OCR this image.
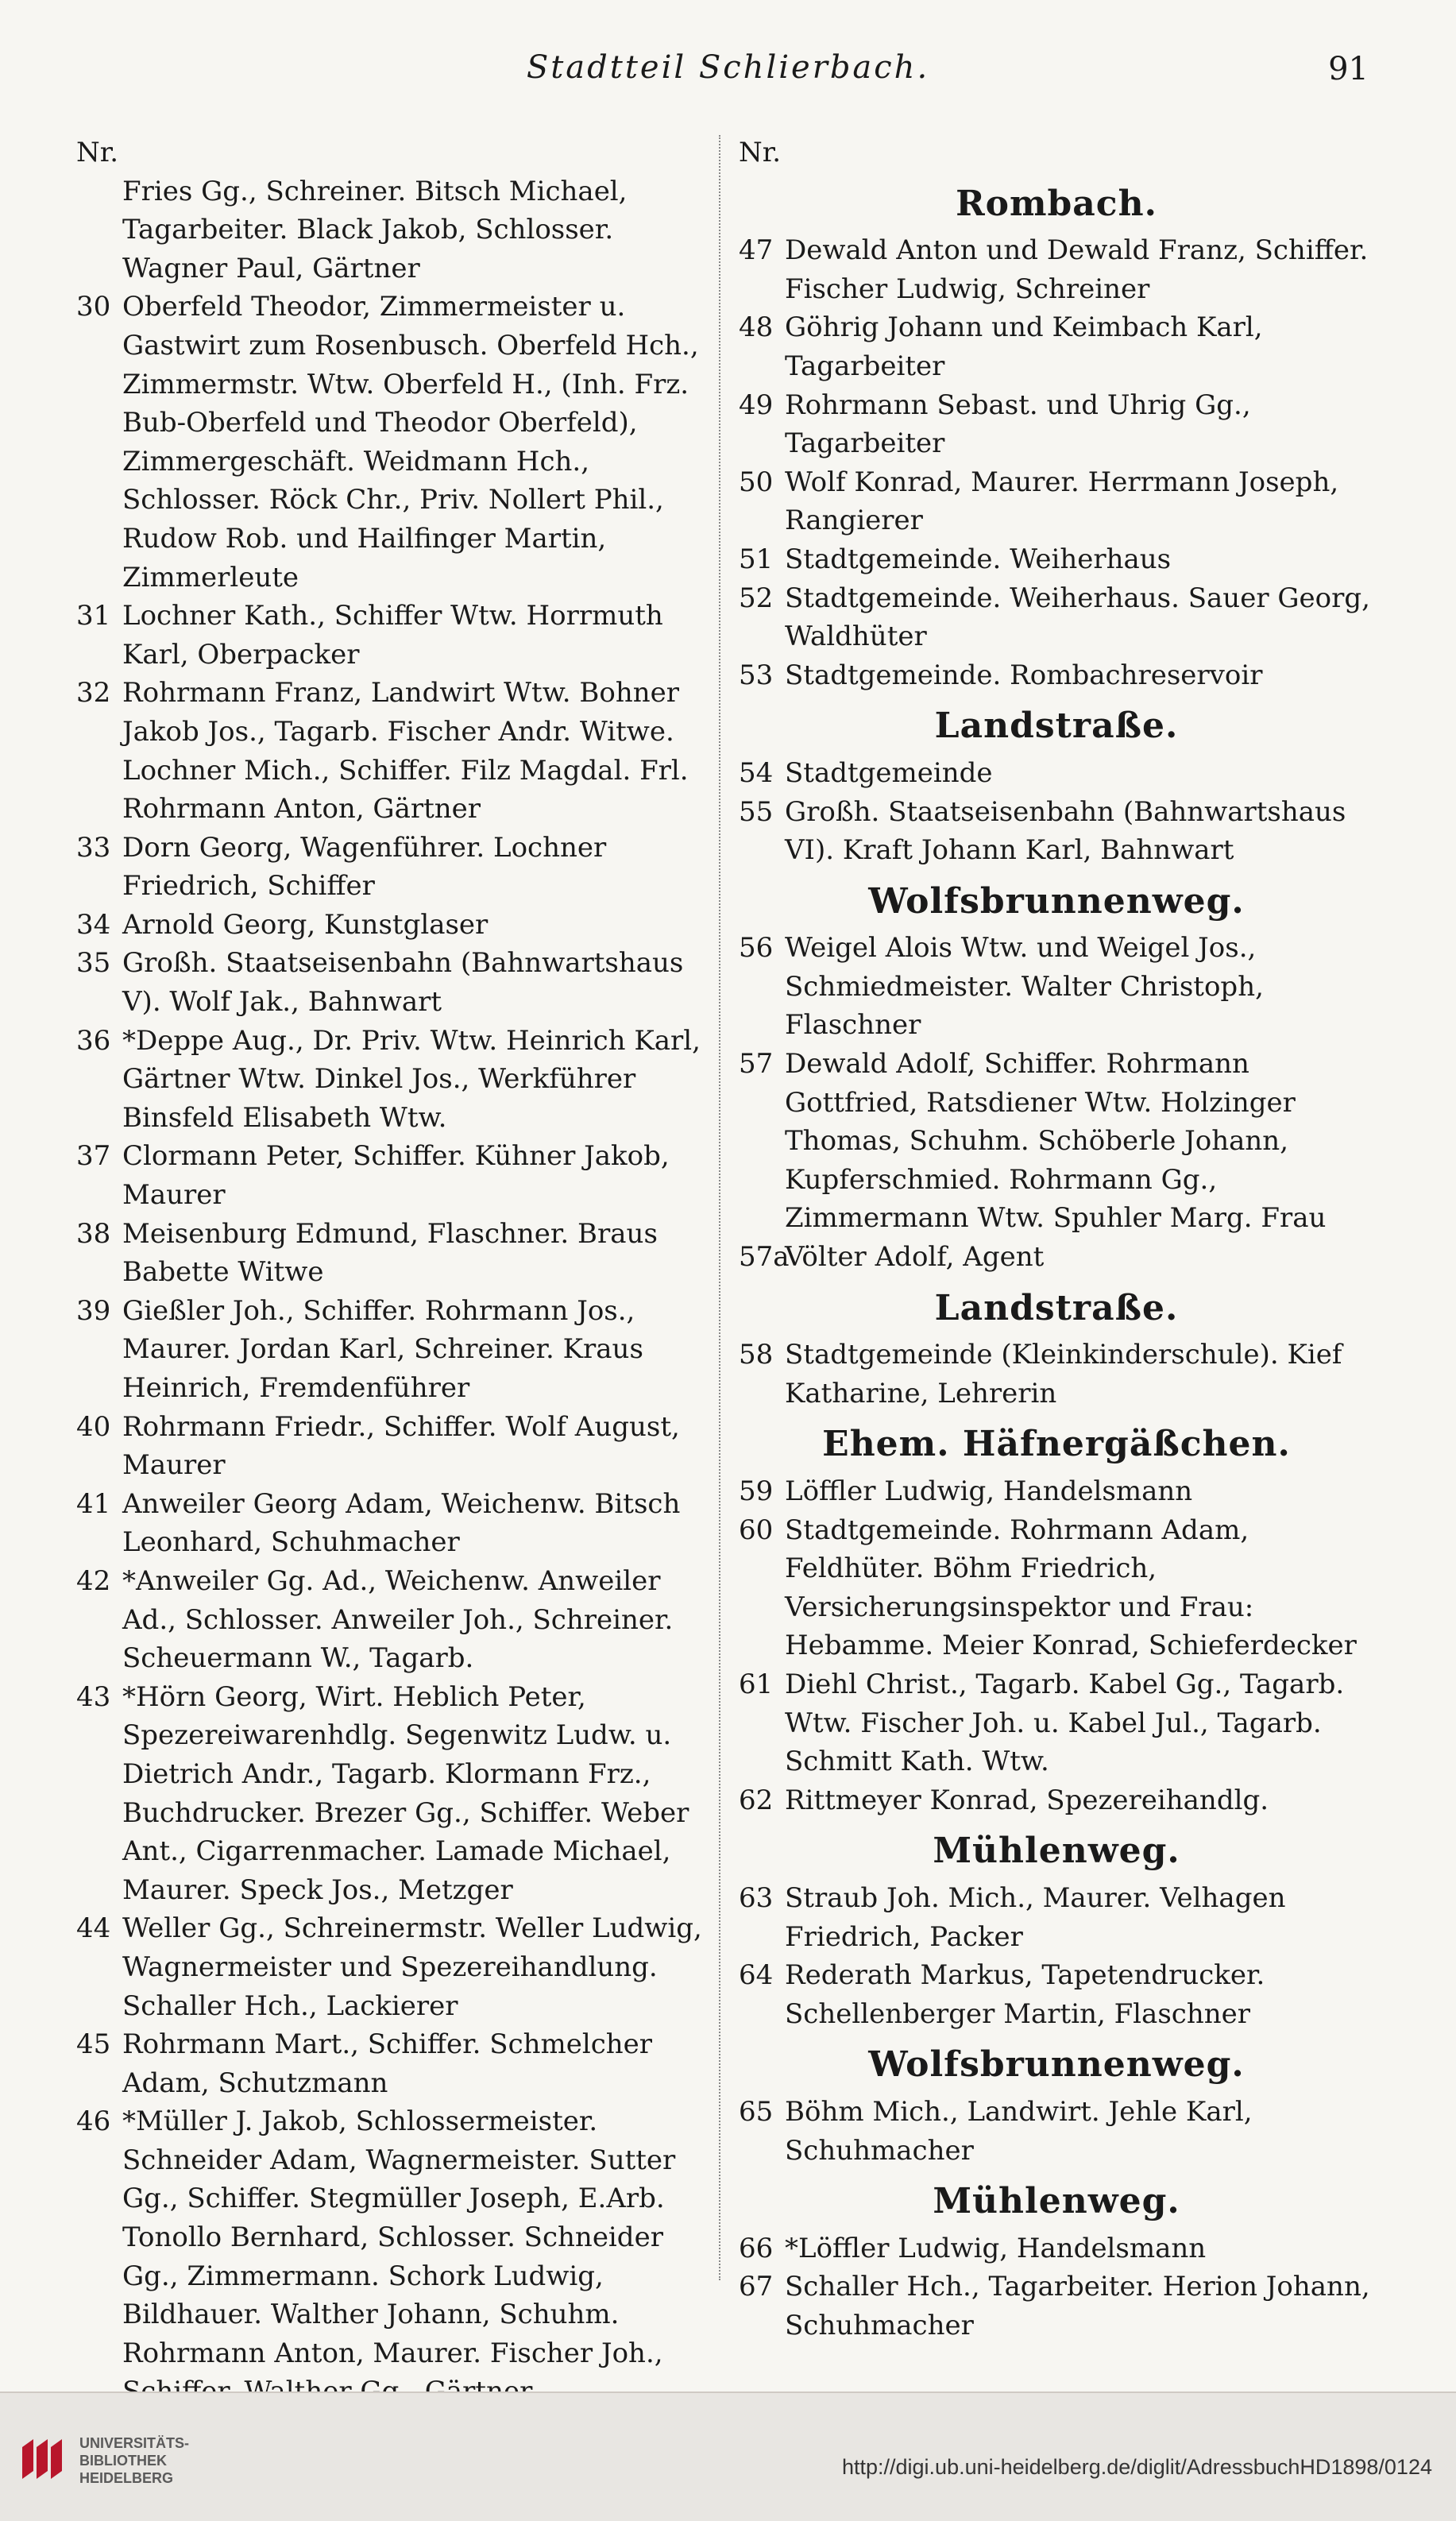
Stadtteil Schlierbach.	91
Nr.
Fries Gg., Schreiner. Bitsch Michael, Tagarbeiter. Black Jakob, Schlosser. Wagner Paul, Gärtner
30 Oberfeld Theodor, Zimmermeister u. Gastwirt zum Rosenbusch. Oberfeld Hch., Zimmermstr. Wtw. Oberfeld H., (Inh. Frz. Bub-Oberfeld und Theodor Oberfeld), Zimmergeschäft. Weidmann Hch., Schlosser. Röck Chr., Priv. Nollert Phil., Rudow Rob. und Hailfinger Martin, Zimmerleute
31 Lochner Kath., Schiffer Wtw. Horrmuth Karl, Oberpacker
32 Rohrmann Franz, Landwirt Wtw. Bohner Jakob Jos., Tagarb. Fischer Andr. Witwe. Lochner Mich., Schiffer. Filz Magdal. Frl. Rohrmann Anton, Gärtner
33 Dorn Georg, Wagenführer. Lochner Friedrich, Schiffer
34 Arnold Georg, Kunstglaser
35 Großh. Staatseisenbahn (Bahnwartshaus V). Wolf Jak., Bahnwart
36 *Deppe Aug., Dr. Priv. Wtw. Heinrich Karl, Gärtner Wtw. Dinkel Jos., Werkführer Binsfeld Elisabeth Wtw.
37 Clormann Peter, Schiffer. Kühner Jakob, Maurer
38 Meisenburg Edmund, Flaschner. Braus Babette Witwe
39 Gießler Joh., Schiffer. Rohrmann Jos., Maurer. Jordan Karl, Schreiner. Kraus Heinrich, Fremdenführer
40 Rohrmann Friedr., Schiffer. Wolf August, Maurer
41 Anweiler Georg Adam, Weichenw. Bitsch Leonhard, Schuhmacher
42 *Anweiler Gg. Ad., Weichenw. Anweiler Ad., Schlosser. Anweiler Joh., Schreiner. Scheuermann W., Tagarb.
43 *Hörn Georg, Wirt. Heblich Peter, Spezereiwarenhdlg. Segenwitz Ludw. u. Dietrich Andr., Tagarb. Klormann Frz., Buchdrucker. Brezer Gg., Schiffer. Weber Ant., Cigarrenmacher. Lamade Michael, Maurer. Speck Jos., Metzger
44 Weller Gg., Schreinermstr. Weller Ludwig, Wagnermeister und Spezereihandlung. Schaller Hch., Lackierer
45 Rohrmann Mart., Schiffer. Schmelcher Adam, Schutzmann
46 *Müller J. Jakob, Schlossermeister. Schneider Adam, Wagnermeister. Sutter Gg., Schiffer. Stegmüller Joseph, E.Arb. Tonollo Bernhard, Schlosser. Schneider Gg., Zimmermann. Schork Ludwig, Bildhauer. Walther Johann, Schuhm. Rohrmann Anton, Maurer. Fischer Joh.,
Nr.
Rombach.
47 Dewald Anton und Dewald Franz, Schiffer. Fischer Ludwig, Schreiner
48 Göhrig Johann und Keimbach Karl, Tagarbeiter
49 Rohrmann Sebast. und Uhrig Gg., Tagarbeiter
50 Wolf Konrad, Maurer. Herrmann Joseph, Rangierer
51 Stadtgemeinde. Weiherhaus
52 Stadtgemeinde. Weiherhaus. Sauer Georg, Waldhüter
53 Stadtgemeinde. Rombachreservoir
Landstraße.
54 Stadtgemeinde
55 Großh. Staatseisenbahn (Bahnwartshaus VI). Kraft Johann Karl, Bahnwart
Wolfsbrunnenweg.
56 Weigel Alois Wtw. und Weigel Jos., Schmiedmeister. Walter Christoph, Flaschner
57 Dewald Adolf, Schiffer. Rohrmann Gottfried, Ratsdiener Wtw. Holzinger Thomas, Schuhm. Schöberle Johann, Kupferschmied. Rohrmann Gg., Zimmermann Wtw. Spuhler Marg. Frau
57a
Völter Adolf, Agent
Landstraße.
58 Stadtgemeinde (Kleinkinderschule). Kief Katharine, Lehrerin
Ehem. Häfnergäßchen.
59 Löffler Ludwig, Handelsmann
60 Stadtgemeinde. Rohrmann Adam, Feldhüter. Böhm Friedrich, Versicherungsinspektor und Frau: Hebamme. Meier Konrad, Schieferdecker
61 Diehl Christ., Tagarb. Kabel Gg., Tagarb. Wtw. Fischer Joh. u. Kabel Jul., Tagarb. Schmitt Kath. Wtw.
62 Rittmeyer Konrad, Spezereihandlg.
Mühlenweg.
63 Straub Joh. Mich., Maurer. Velhagen Friedrich, Packer
64 Rederath Markus, Tapetendrucker. Schellenberger Martin, Flaschner
Wolfsbrunnenweg.
65 Böhm Mich., Landwirt. Jehle Karl, Schuhmacher
Mühlenweg.
66 *Löffler Ludwig, Handelsmann
67 Schaller Hch., Tagarbeiter. Herion Johann, Schuhmacher
UNIVERSITÄTS-
BIBLIOTHEK
HEIDELBERG	http://digi.ub.uni-heidelberg.de/diglit/AdressbuchHD1898/0124
